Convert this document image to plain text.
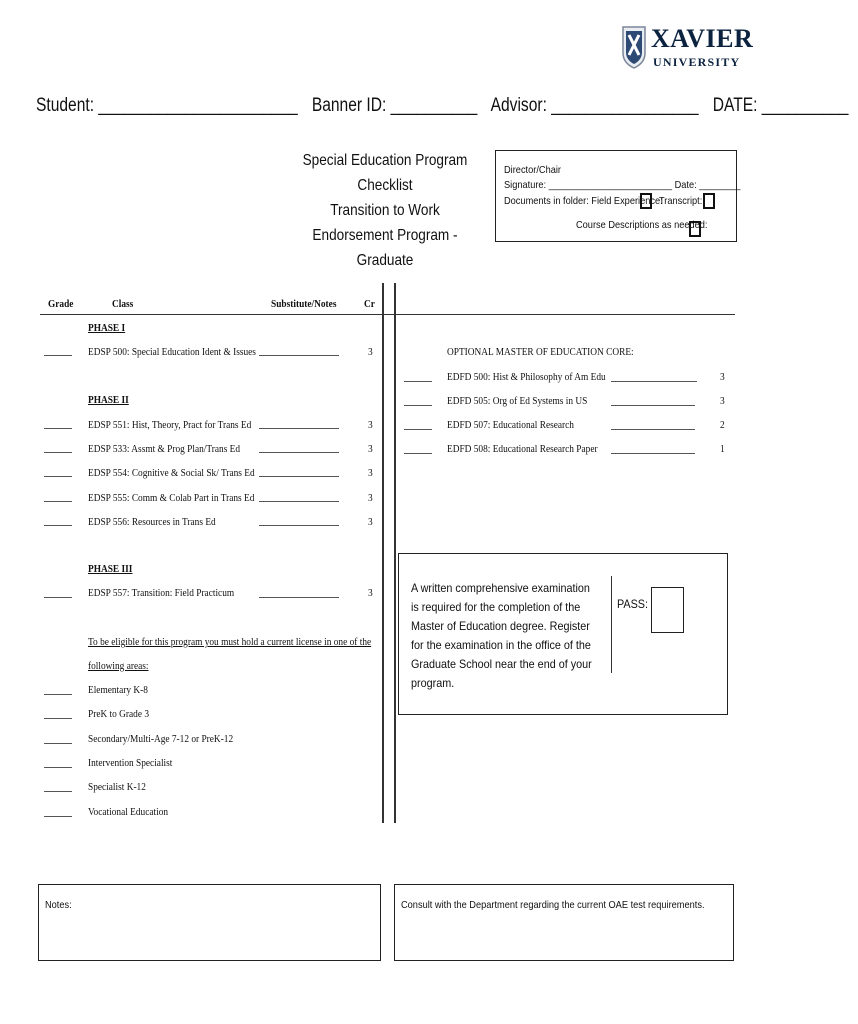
XAVIER
UNIVERSITY
Student: _______________________ Banner ID: __________ Advisor: _________________ DATE: __________
Special Education Program Checklist
Transition to Work
Endorsement Program - Graduate
Director/Chair
Signature: ________________________ Date: ________
Documents in folder: Field Experience:
Transcript:
Course Descriptions as needed:
Grade	Class	Substitute/Notes	Cr
PHASE I
EDSP 500: Special Education Ident & Issues	3
PHASE II
EDSP 551: Hist, Theory, Pract for Trans Ed	3
EDSP 533: Assmt & Prog Plan/Trans Ed	3
EDSP 554: Cognitive & Social Sk/ Trans Ed	3
EDSP 555: Comm & Colab Part in Trans Ed	3
EDSP 556: Resources in Trans Ed	3
PHASE III
EDSP 557: Transition: Field Practicum	3
To be eligible for this program you must hold a current license in one of the
following areas:
Elementary K-8
PreK to Grade 3
Secondary/Multi-Age 7-12 or PreK-12
Intervention Specialist
Specialist K-12
Vocational Education
OPTIONAL MASTER OF EDUCATION CORE:
EDFD 500: Hist & Philosophy of Am Edu	3
EDFD 505: Org of Ed Systems in US	3
EDFD 507: Educational Research	2
EDFD 508: Educational Research Paper	1
A written comprehensive examination is required for the completion of the Master of Education degree. Register for the examination in the office of the Graduate School near the end of your program.
PASS:
Notes:	Consult with the Department regarding the current OAE test requirements.
